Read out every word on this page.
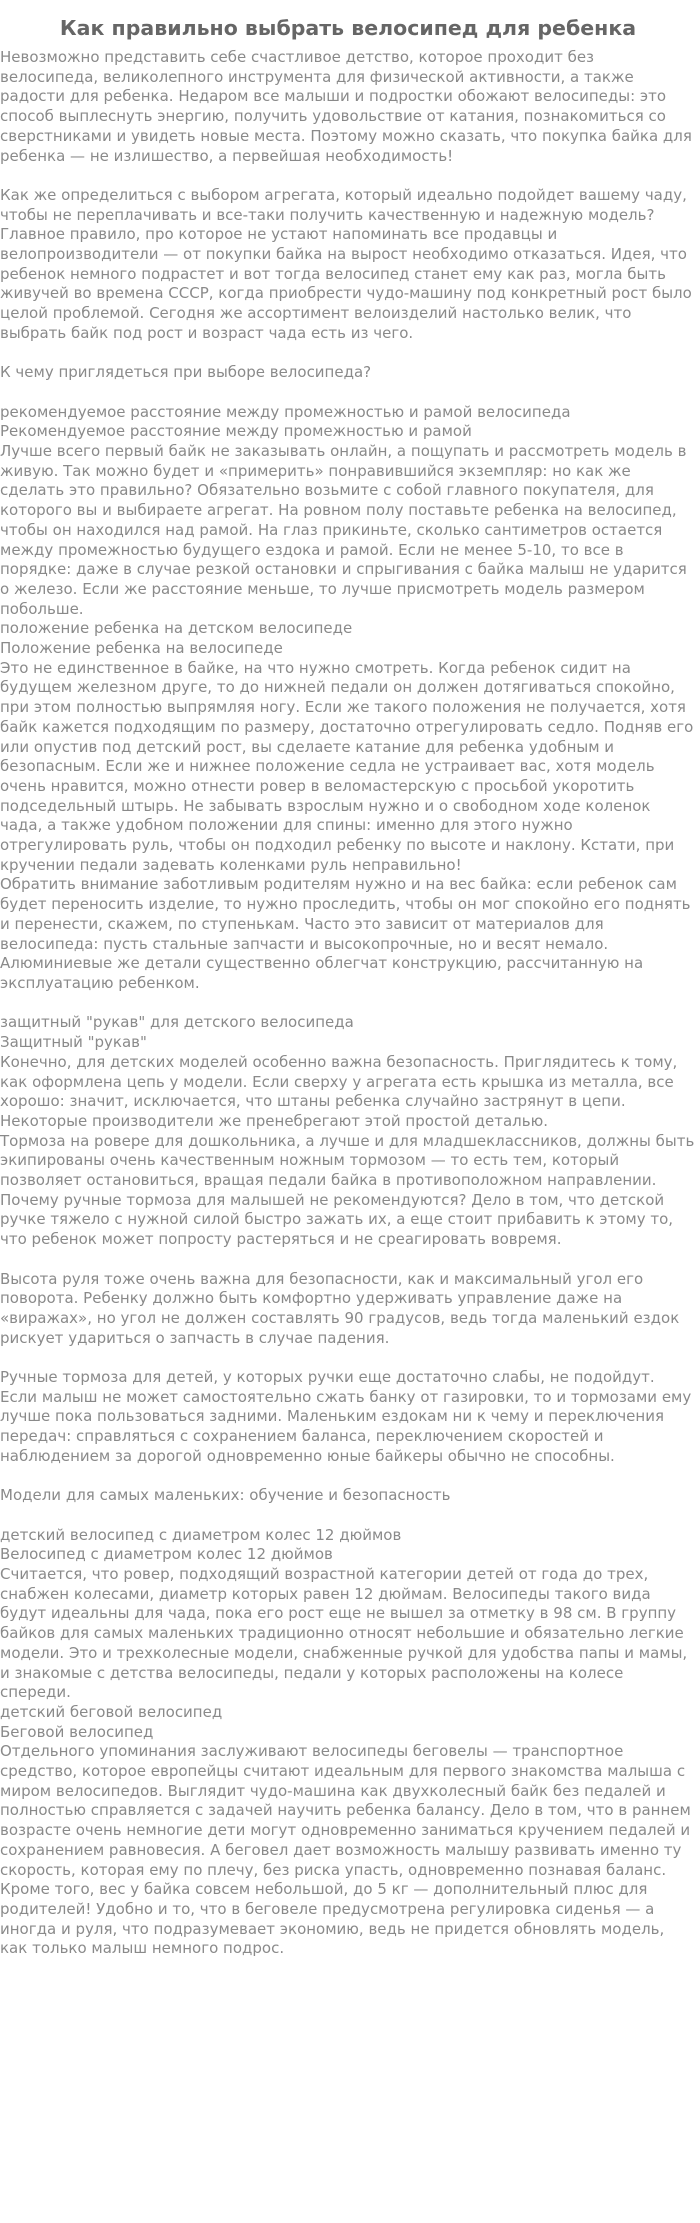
Как правильно выбрать велосипед для ребенка

Невозможно представить себе счастливое детство, которое проходит без велосипеда, великолепного инструмента для физической активности, а также радости для ребенка. Недаром все малыши и подростки обожают велосипеды: это способ выплеснуть энергию, получить удовольствие от катания, познакомиться со сверстниками и увидеть новые места. Поэтому можно сказать, что покупка байка для ребенка — не излишество, а первейшая необходимость!

Как же определиться с выбором агрегата, который идеально подойдет вашему чаду, чтобы не переплачивать и все-таки получить качественную и надежную модель? Главное правило, про которое не устают напоминать все продавцы и велопроизводители — от покупки байка на вырост необходимо отказаться. Идея, что ребенок немного подрастет и вот тогда велосипед станет ему как раз, могла быть живучей во времена СССР, когда приобрести чудо-машину под конкретный рост было целой проблемой. Сегодня же ассортимент велоизделий настолько велик, что выбрать байк под рост и возраст чада есть из чего.

К чему приглядеться при выборе велосипеда?

рекомендуемое расстояние между промежностью и рамой велосипеда

Рекомендуемое расстояние между промежностью и рамой

Лучше всего первый байк не заказывать онлайн, а пощупать и рассмотреть модель в живую. Так можно будет и «примерить» понравившийся экземпляр: но как же сделать это правильно? Обязательно возьмите с собой главного покупателя, для которого вы и выбираете агрегат. На ровном полу поставьте ребенка на велосипед, чтобы он находился над рамой. На глаз прикиньте, сколько сантиметров остается между промежностью будущего ездока и рамой. Если не менее 5-10, то все в порядке: даже в случае резкой остановки и спрыгивания с байка малыш не ударится о железо. Если же расстояние меньше, то лучше присмотреть модель размером побольше.

положение ребенка на детском велосипеде

Положение ребенка на велосипеде

Это не единственное в байке, на что нужно смотреть. Когда ребенок сидит на будущем железном друге, то до нижней педали он должен дотягиваться спокойно, при этом полностью выпрямляя ногу. Если же такого положения не получается, хотя байк кажется подходящим по размеру, достаточно отрегулировать седло. Подняв его или опустив под детский рост, вы сделаете катание для ребенка удобным и безопасным. Если же и нижнее положение седла не устраивает вас, хотя модель очень нравится, можно отнести ровер в веломастерскую с просьбой укоротить подседельный штырь. Не забывать взрослым нужно и о свободном ходе коленок чада, а также удобном положении для спины: именно для этого нужно отрегулировать руль, чтобы он подходил ребенку по высоте и наклону. Кстати, при кручении педали задевать коленками руль неправильно!

Обратить внимание заботливым родителям нужно и на вес байка: если ребенок сам будет переносить изделие, то нужно проследить, чтобы он мог спокойно его поднять и перенести, скажем, по ступенькам. Часто это зависит от материалов для велосипеда: пусть стальные запчасти и высокопрочные, но и весят немало. Алюминиевые же детали существенно облегчат конструкцию, рассчитанную на эксплуатацию ребенком.

защитный "рукав" для детского велосипеда

Защитный "рукав"

Конечно, для детских моделей особенно важна безопасность. Приглядитесь к тому, как оформлена цепь у модели. Если сверху у агрегата есть крышка из металла, все хорошо: значит, исключается, что штаны ребенка случайно застрянут в цепи. Некоторые производители же пренебрегают этой простой деталью.

Тормоза на ровере для дошкольника, а лучше и для младшеклассников, должны быть экипированы очень качественным ножным тормозом — то есть тем, который позволяет остановиться, вращая педали байка в противоположном направлении. Почему ручные тормоза для малышей не рекомендуются? Дело в том, что детской ручке тяжело с нужной силой быстро зажать их, а еще стоит прибавить к этому то, что ребенок может попросту растеряться и не среагировать вовремя.

Высота руля тоже очень важна для безопасности, как и максимальный угол его поворота. Ребенку должно быть комфортно удерживать управление даже на «виражах», но угол не должен составлять 90 градусов, ведь тогда маленький ездок рискует удариться о запчасть в случае падения.

Ручные тормоза для детей, у которых ручки еще достаточно слабы, не подойдут. Если малыш не может самостоятельно сжать банку от газировки, то и тормозами ему лучше пока пользоваться задними. Маленьким ездокам ни к чему и переключения передач: справляться с сохранением баланса, переключением скоростей и наблюдением за дорогой одновременно юные байкеры обычно не способны.

Модели для самых маленьких: обучение и безопасность

детский велосипед с диаметром колес 12 дюймов

Велосипед с диаметром колес 12 дюймов

Считается, что ровер, подходящий возрастной категории детей от года до трех, снабжен колесами, диаметр которых равен 12 дюймам. Велосипеды такого вида будут идеальны для чада, пока его рост еще не вышел за отметку в 98 см. В группу байков для самых маленьких традиционно относят небольшие и обязательно легкие модели. Это и трехколесные модели, снабженные ручкой для удобства папы и мамы, и знакомые с детства велосипеды, педали у которых расположены на колесе спереди.

детский беговой велосипед

Беговой велосипед

Отдельного упоминания заслуживают велосипеды беговелы — транспортное средство, которое европейцы считают идеальным для первого знакомства малыша с миром велосипедов. Выглядит чудо-машина как двухколесный байк без педалей и полностью справляется с задачей научить ребенка балансу. Дело в том, что в раннем возрасте очень немногие дети могут одновременно заниматься кручением педалей и сохранением равновесия. А беговел дает возможность малышу развивать именно ту скорость, которая ему по плечу, без риска упасть, одновременно познавая баланс. Кроме того, вес у байка совсем небольшой, до 5 кг — дополнительный плюс для родителей! Удобно и то, что в беговеле предусмотрена регулировка сиденья — а иногда и руля, что подразумевает экономию, ведь не придется обновлять модель, как только малыш немного подрос.
